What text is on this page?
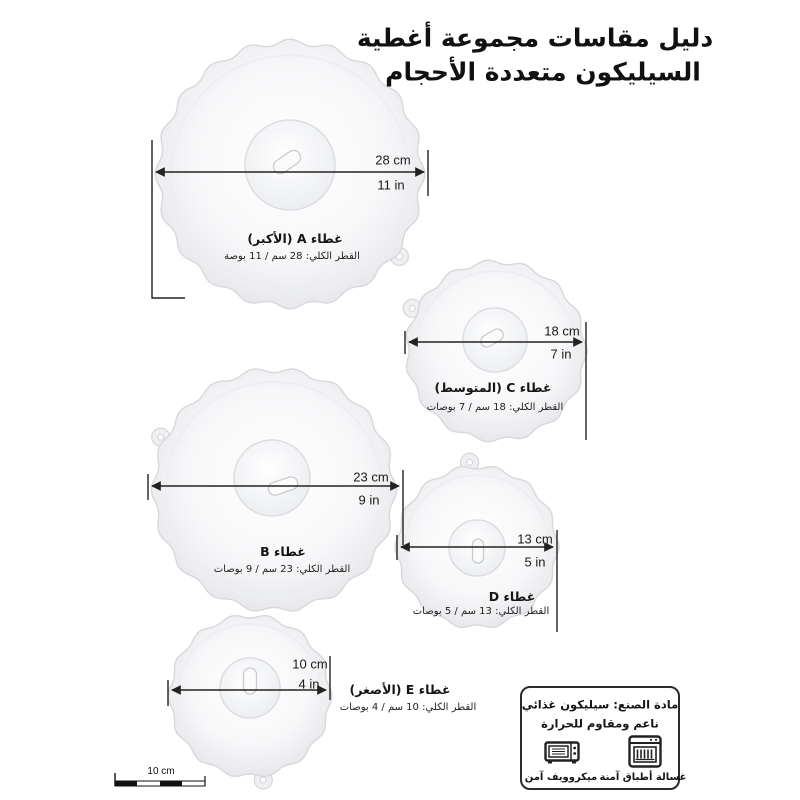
دليل مقاسات مجموعة أغطية
السيليكون متعددة الأحجام
28 cm
11 in
غطاء A (الأكبر)
القطر الكلي: 28 سم / 11 بوصة
18 cm
7 in
غطاء C (المتوسط)
القطر الكلي: 18 سم / 7 بوصات
23 cm
9 in
غطاء B
القطر الكلي: 23 سم / 9 بوصات
13 cm
5 in
غطاء D
القطر الكلي: 13 سم / 5 بوصات
10 cm
4 in غطاء E (الأصغر)
القطر الكلي: 10 سم / 4 بوصات
10 cm
مادة الصنع: سيليكون غذائي
ناعم ومقاوم للحرارة
غسالة أطباق آمنة
ميكروويف آمن
